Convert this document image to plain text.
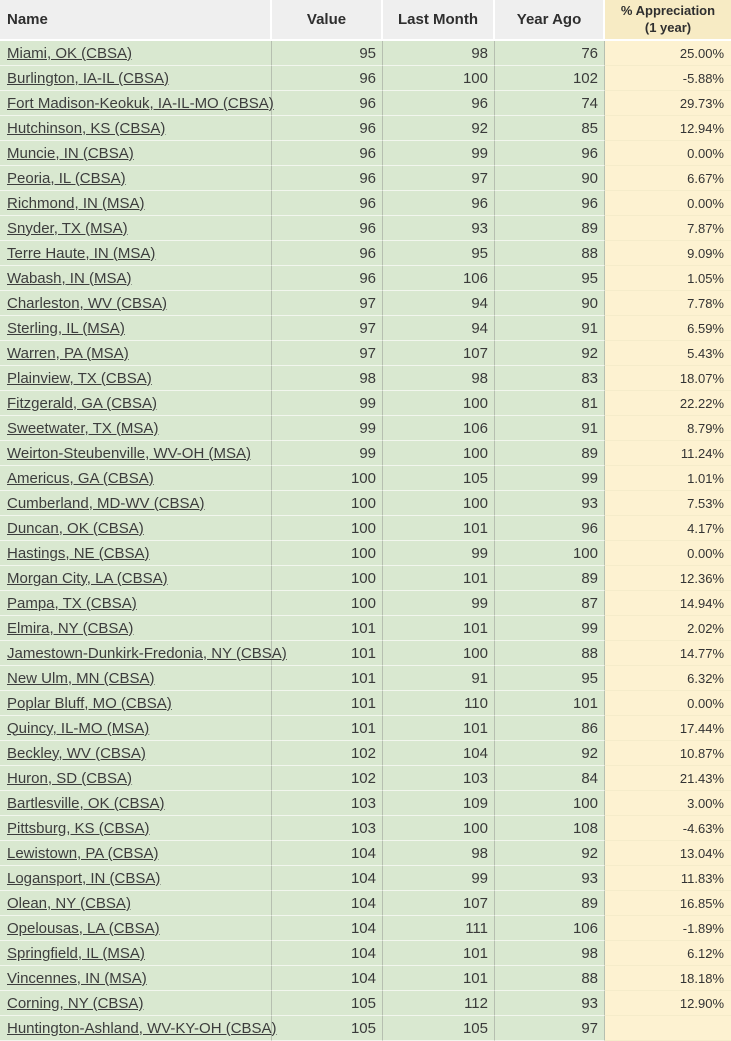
Name	Value	Last Month	Year Ago	% Appreciation (1 year)
Miami, OK (CBSA)	95	98	76	25.00%
Burlington, IA-IL (CBSA)	96	100	102	-5.88%
Fort Madison-Keokuk, IA-IL-MO (CBSA)	96	96	74	29.73%
Hutchinson, KS (CBSA)	96	92	85	12.94%
Muncie, IN (CBSA)	96	99	96	0.00%
Peoria, IL (CBSA)	96	97	90	6.67%
Richmond, IN (MSA)	96	96	96	0.00%
Snyder, TX (MSA)	96	93	89	7.87%
Terre Haute, IN (MSA)	96	95	88	9.09%
Wabash, IN (MSA)	96	106	95	1.05%
Charleston, WV (CBSA)	97	94	90	7.78%
Sterling, IL (MSA)	97	94	91	6.59%
Warren, PA (MSA)	97	107	92	5.43%
Plainview, TX (CBSA)	98	98	83	18.07%
Fitzgerald, GA (CBSA)	99	100	81	22.22%
Sweetwater, TX (MSA)	99	106	91	8.79%
Weirton-Steubenville, WV-OH (MSA)	99	100	89	11.24%
Americus, GA (CBSA)	100	105	99	1.01%
Cumberland, MD-WV (CBSA)	100	100	93	7.53%
Duncan, OK (CBSA)	100	101	96	4.17%
Hastings, NE (CBSA)	100	99	100	0.00%
Morgan City, LA (CBSA)	100	101	89	12.36%
Pampa, TX (CBSA)	100	99	87	14.94%
Elmira, NY (CBSA)	101	101	99	2.02%
Jamestown-Dunkirk-Fredonia, NY (CBSA)	101	100	88	14.77%
New Ulm, MN (CBSA)	101	91	95	6.32%
Poplar Bluff, MO (CBSA)	101	110	101	0.00%
Quincy, IL-MO (MSA)	101	101	86	17.44%
Beckley, WV (CBSA)	102	104	92	10.87%
Huron, SD (CBSA)	102	103	84	21.43%
Bartlesville, OK (CBSA)	103	109	100	3.00%
Pittsburg, KS (CBSA)	103	100	108	-4.63%
Lewistown, PA (CBSA)	104	98	92	13.04%
Logansport, IN (CBSA)	104	99	93	11.83%
Olean, NY (CBSA)	104	107	89	16.85%
Opelousas, LA (CBSA)	104	111	106	-1.89%
Springfield, IL (MSA)	104	101	98	6.12%
Vincennes, IN (MSA)	104	101	88	18.18%
Corning, NY (CBSA)	105	112	93	12.90%
Huntington-Ashland, WV-KY-OH (CBSA)	105	105	97	
